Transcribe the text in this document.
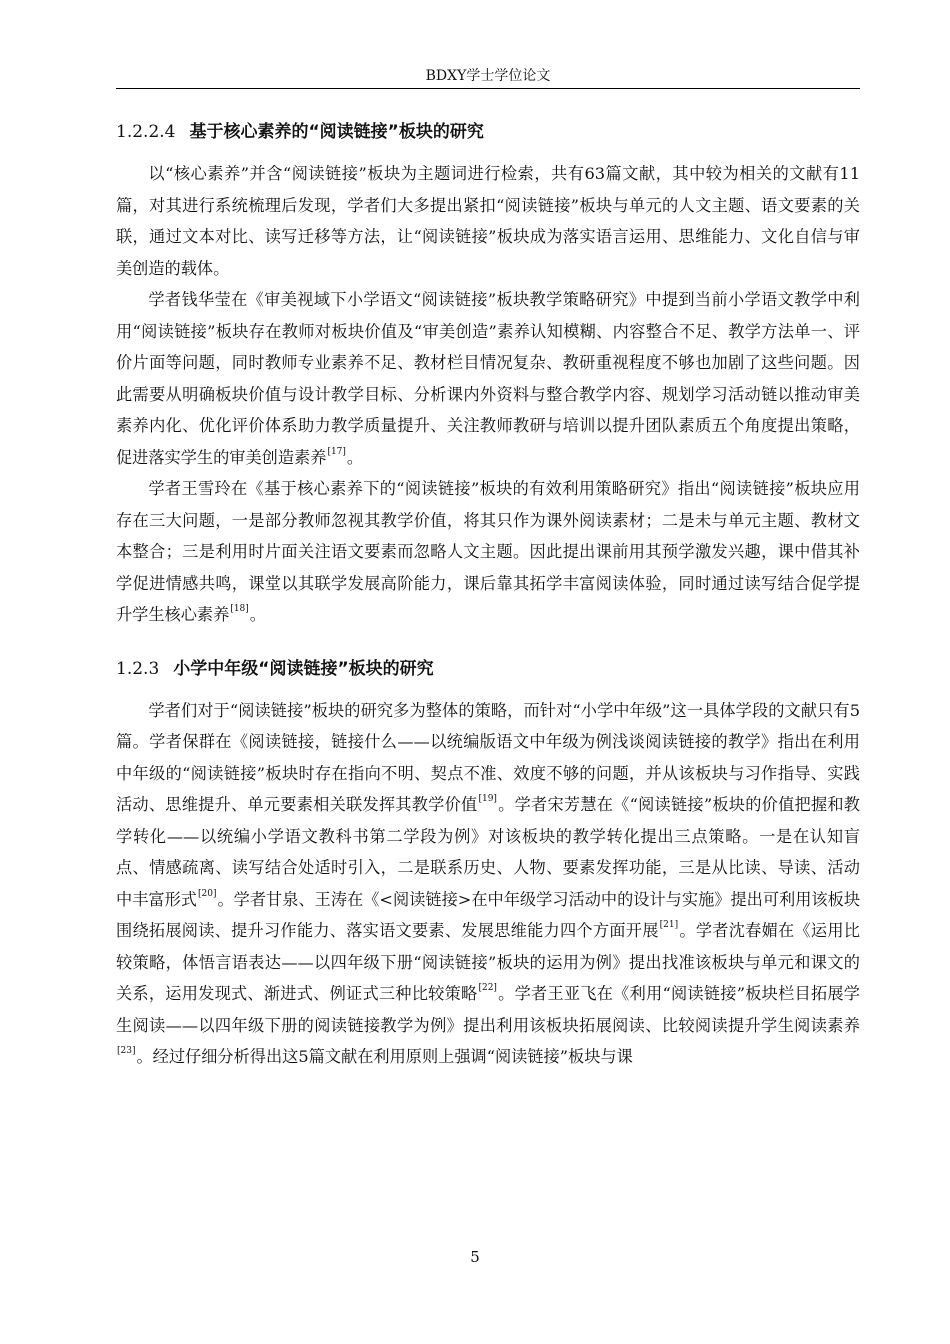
BDXY学士学位论文
1.2.2.4 基于核心素养的“阅读链接”板块的研究

以“核心素养”并含“阅读链接”板块为主题词进行检索，共有63篇文献，其中较为相关的文献有11篇，对其进行系统梳理后发现，学者们大多提出紧扣“阅读链接”板块与单元的人文主题、语文要素的关联，通过文本对比、读写迁移等方法，让“阅读链接”板块成为落实语言运用、思维能力、文化自信与审美创造的载体。

学者钱华莹在《审美视域下小学语文“阅读链接”板块教学策略研究》中提到当前小学语文教学中利用“阅读链接”板块存在教师对板块价值及“审美创造”素养认知模糊、内容整合不足、教学方法单一、评价片面等问题，同时教师专业素养不足、教材栏目情况复杂、教研重视程度不够也加剧了这些问题。因此需要从明确板块价值与设计教学目标、分析课内外资料与整合教学内容、规划学习活动链以推动审美素养内化、优化评价体系助力教学质量提升、关注教师教研与培训以提升团队素质五个角度提出策略，促进落实学生的审美创造素养[17]。

学者王雪玲在《基于核心素养下的“阅读链接”板块的有效利用策略研究》指出“阅读链接”板块应用存在三大问题，一是部分教师忽视其教学价值，将其只作为课外阅读素材；二是未与单元主题、教材文本整合；三是利用时片面关注语文要素而忽略人文主题。因此提出课前用其预学激发兴趣，课中借其补学促进情感共鸣，课堂以其联学发展高阶能力，课后靠其拓学丰富阅读体验，同时通过读写结合促学提升学生核心素养[18]。

1.2.3 小学中年级“阅读链接”板块的研究

学者们对于“阅读链接”板块的研究多为整体的策略，而针对“小学中年级”这一具体学段的文献只有5篇。学者保群在《阅读链接，链接什么——以统编版语文中年级为例浅谈阅读链接的教学》指出在利用中年级的“阅读链接”板块时存在指向不明、契点不准、效度不够的问题，并从该板块与习作指导、实践活动、思维提升、单元要素相关联发挥其教学价值[19]。学者宋芳慧在《“阅读链接”板块的价值把握和教学转化——以统编小学语文教科书第二学段为例》对该板块的教学转化提出三点策略。一是在认知盲点、情感疏离、读写结合处适时引入，二是联系历史、人物、要素发挥功能，三是从比读、导读、活动中丰富形式[20]。学者甘泉、王涛在《<阅读链接>在中年级学习活动中的设计与实施》提出可利用该板块围绕拓展阅读、提升习作能力、落实语文要素、发展思维能力四个方面开展[21]。学者沈春媚在《运用比较策略，体悟言语表达——以四年级下册“阅读链接”板块的运用为例》提出找准该板块与单元和课文的关系，运用发现式、渐进式、例证式三种比较策略[22]。学者王亚飞在《利用“阅读链接”板块栏目拓展学生阅读——以四年级下册的阅读链接教学为例》提出利用该板块拓展阅读、比较阅读提升学生阅读素养[23]。经过仔细分析得出这5篇文献在利用原则上强调“阅读链接”板块与课

5
